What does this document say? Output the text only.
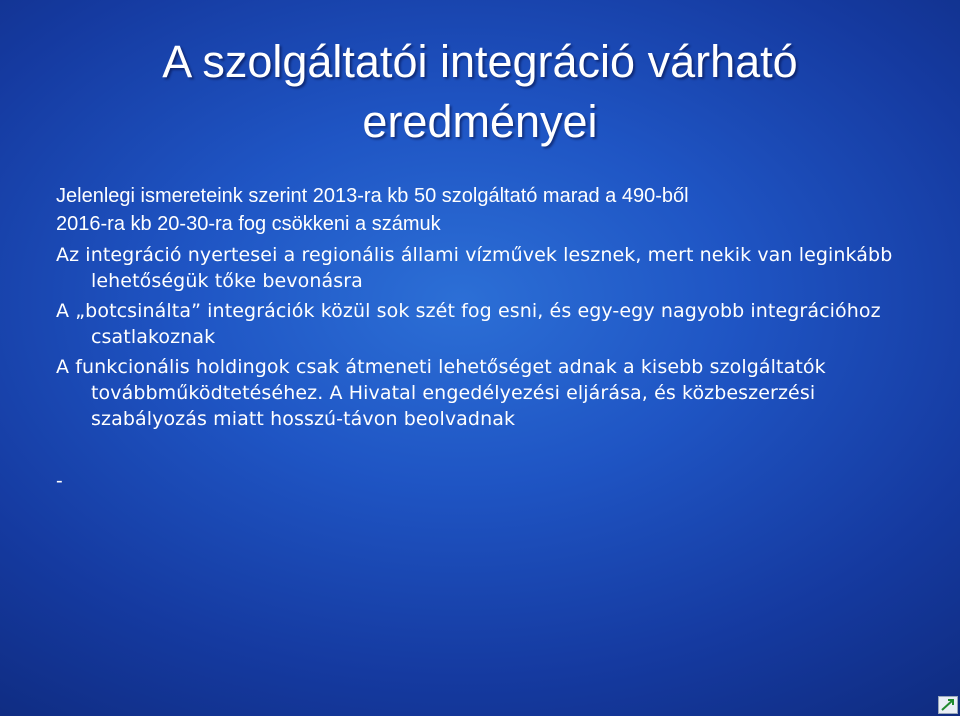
A szolgáltatói integráció várható
eredményei

Jelenlegi ismereteink szerint 2013-ra kb 50 szolgáltató marad a 490-ből

2016-ra kb 20-30-ra fog csökkeni a számuk

Az integráció nyertesei a regionális állami vízművek lesznek, mert nekik van leginkább lehetőségük tőke bevonásra

A „botcsinálta” integrációk közül sok szét fog esni, és egy-egy nagyobb integrációhoz csatlakoznak

A funkcionális holdingok csak átmeneti lehetőséget adnak a kisebb szolgáltatók továbbműködtetéséhez. A Hivatal engedélyezési eljárása, és közbeszerzési szabályozás miatt hosszú-távon beolvadnak

-
